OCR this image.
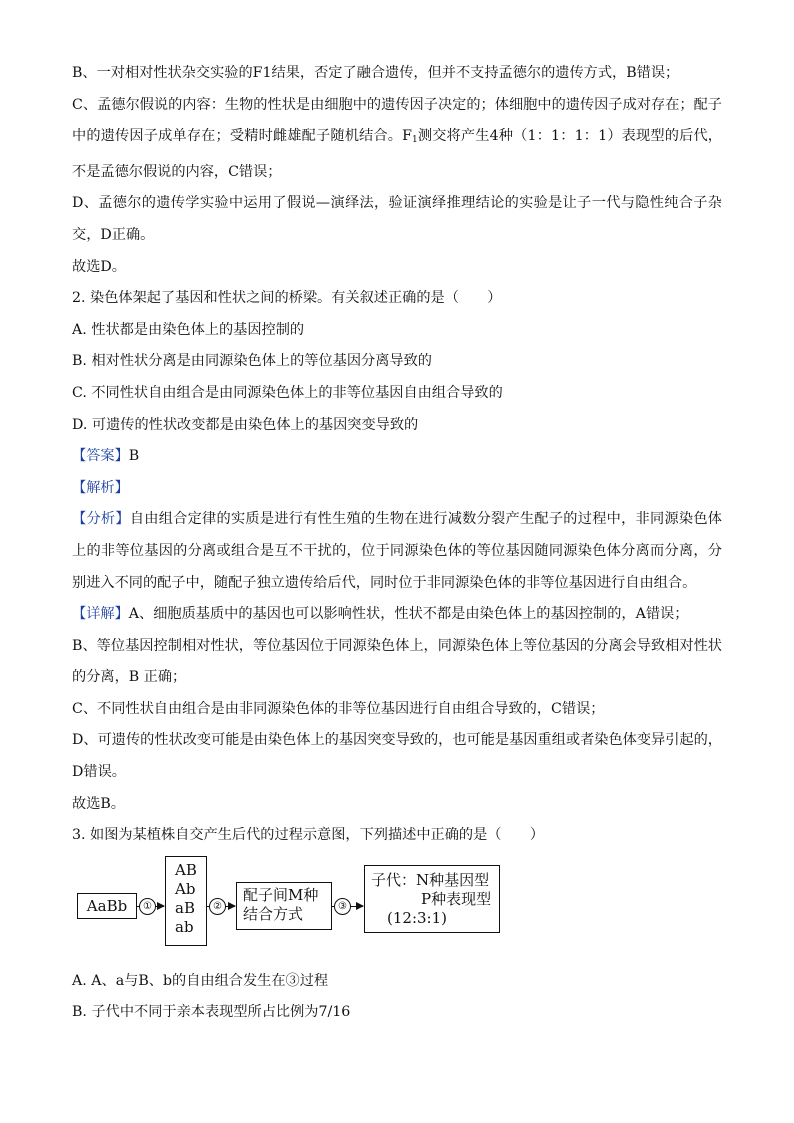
B、一对相对性状杂交实验的F1结果，否定了融合遗传，但并不支持孟德尔的遗传方式，B错误；

C、孟德尔假说的内容：生物的性状是由细胞中的遗传因子决定的；体细胞中的遗传因子成对存在；配子中的遗传因子成单存在；受精时雌雄配子随机结合。$F_1$测交将产生4种（1：1：1：1）表现型的后代，不是孟德尔假说的内容，C错误；

D、孟德尔的遗传学实验中运用了假说—演绎法，验证演绎推理结论的实验是让子一代与隐性纯合子杂交，D正确。

故选D。

2. 染色体架起了基因和性状之间的桥梁。有关叙述正确的是（　　）

A. 性状都是由染色体上的基因控制的

B. 相对性状分离是由同源染色体上的等位基因分离导致的

C. 不同性状自由组合是由同源染色体上的非等位基因自由组合导致的

D. 可遗传的性状改变都是由染色体上的基因突变导致的

【答案】B

【解析】

【分析】自由组合定律的实质是进行有性生殖的生物在进行减数分裂产生配子的过程中，非同源染色体上的非等位基因的分离或组合是互不干扰的，位于同源染色体的等位基因随同源染色体分离而分离，分别进入不同的配子中，随配子独立遗传给后代，同时位于非同源染色体的非等位基因进行自由组合。

【详解】A、细胞质基质中的基因也可以影响性状，性状不都是由染色体上的基因控制的，A错误；

B、等位基因控制相对性状，等位基因位于同源染色体上，同源染色体上等位基因的分离会导致相对性状的分离，B 正确；

C、不同性状自由组合是由非同源染色体的非等位基因进行自由组合导致的，C错误；

D、可遗传的性状改变可能是由染色体上的基因突变导致的，也可能是基因重组或者染色体变异引起的，D错误。

故选B。

3. 如图为某植株自交产生后代的过程示意图，下列描述中正确的是（　　）

AaBb	①
AB
Ab
aB
ab
②
配子间M种
结合方式	③
子代：N种基因型
P种表现型
(12:3:1)

A. A、a与B、b的自由组合发生在③过程

B. 子代中不同于亲本表现型所占比例为7/16
